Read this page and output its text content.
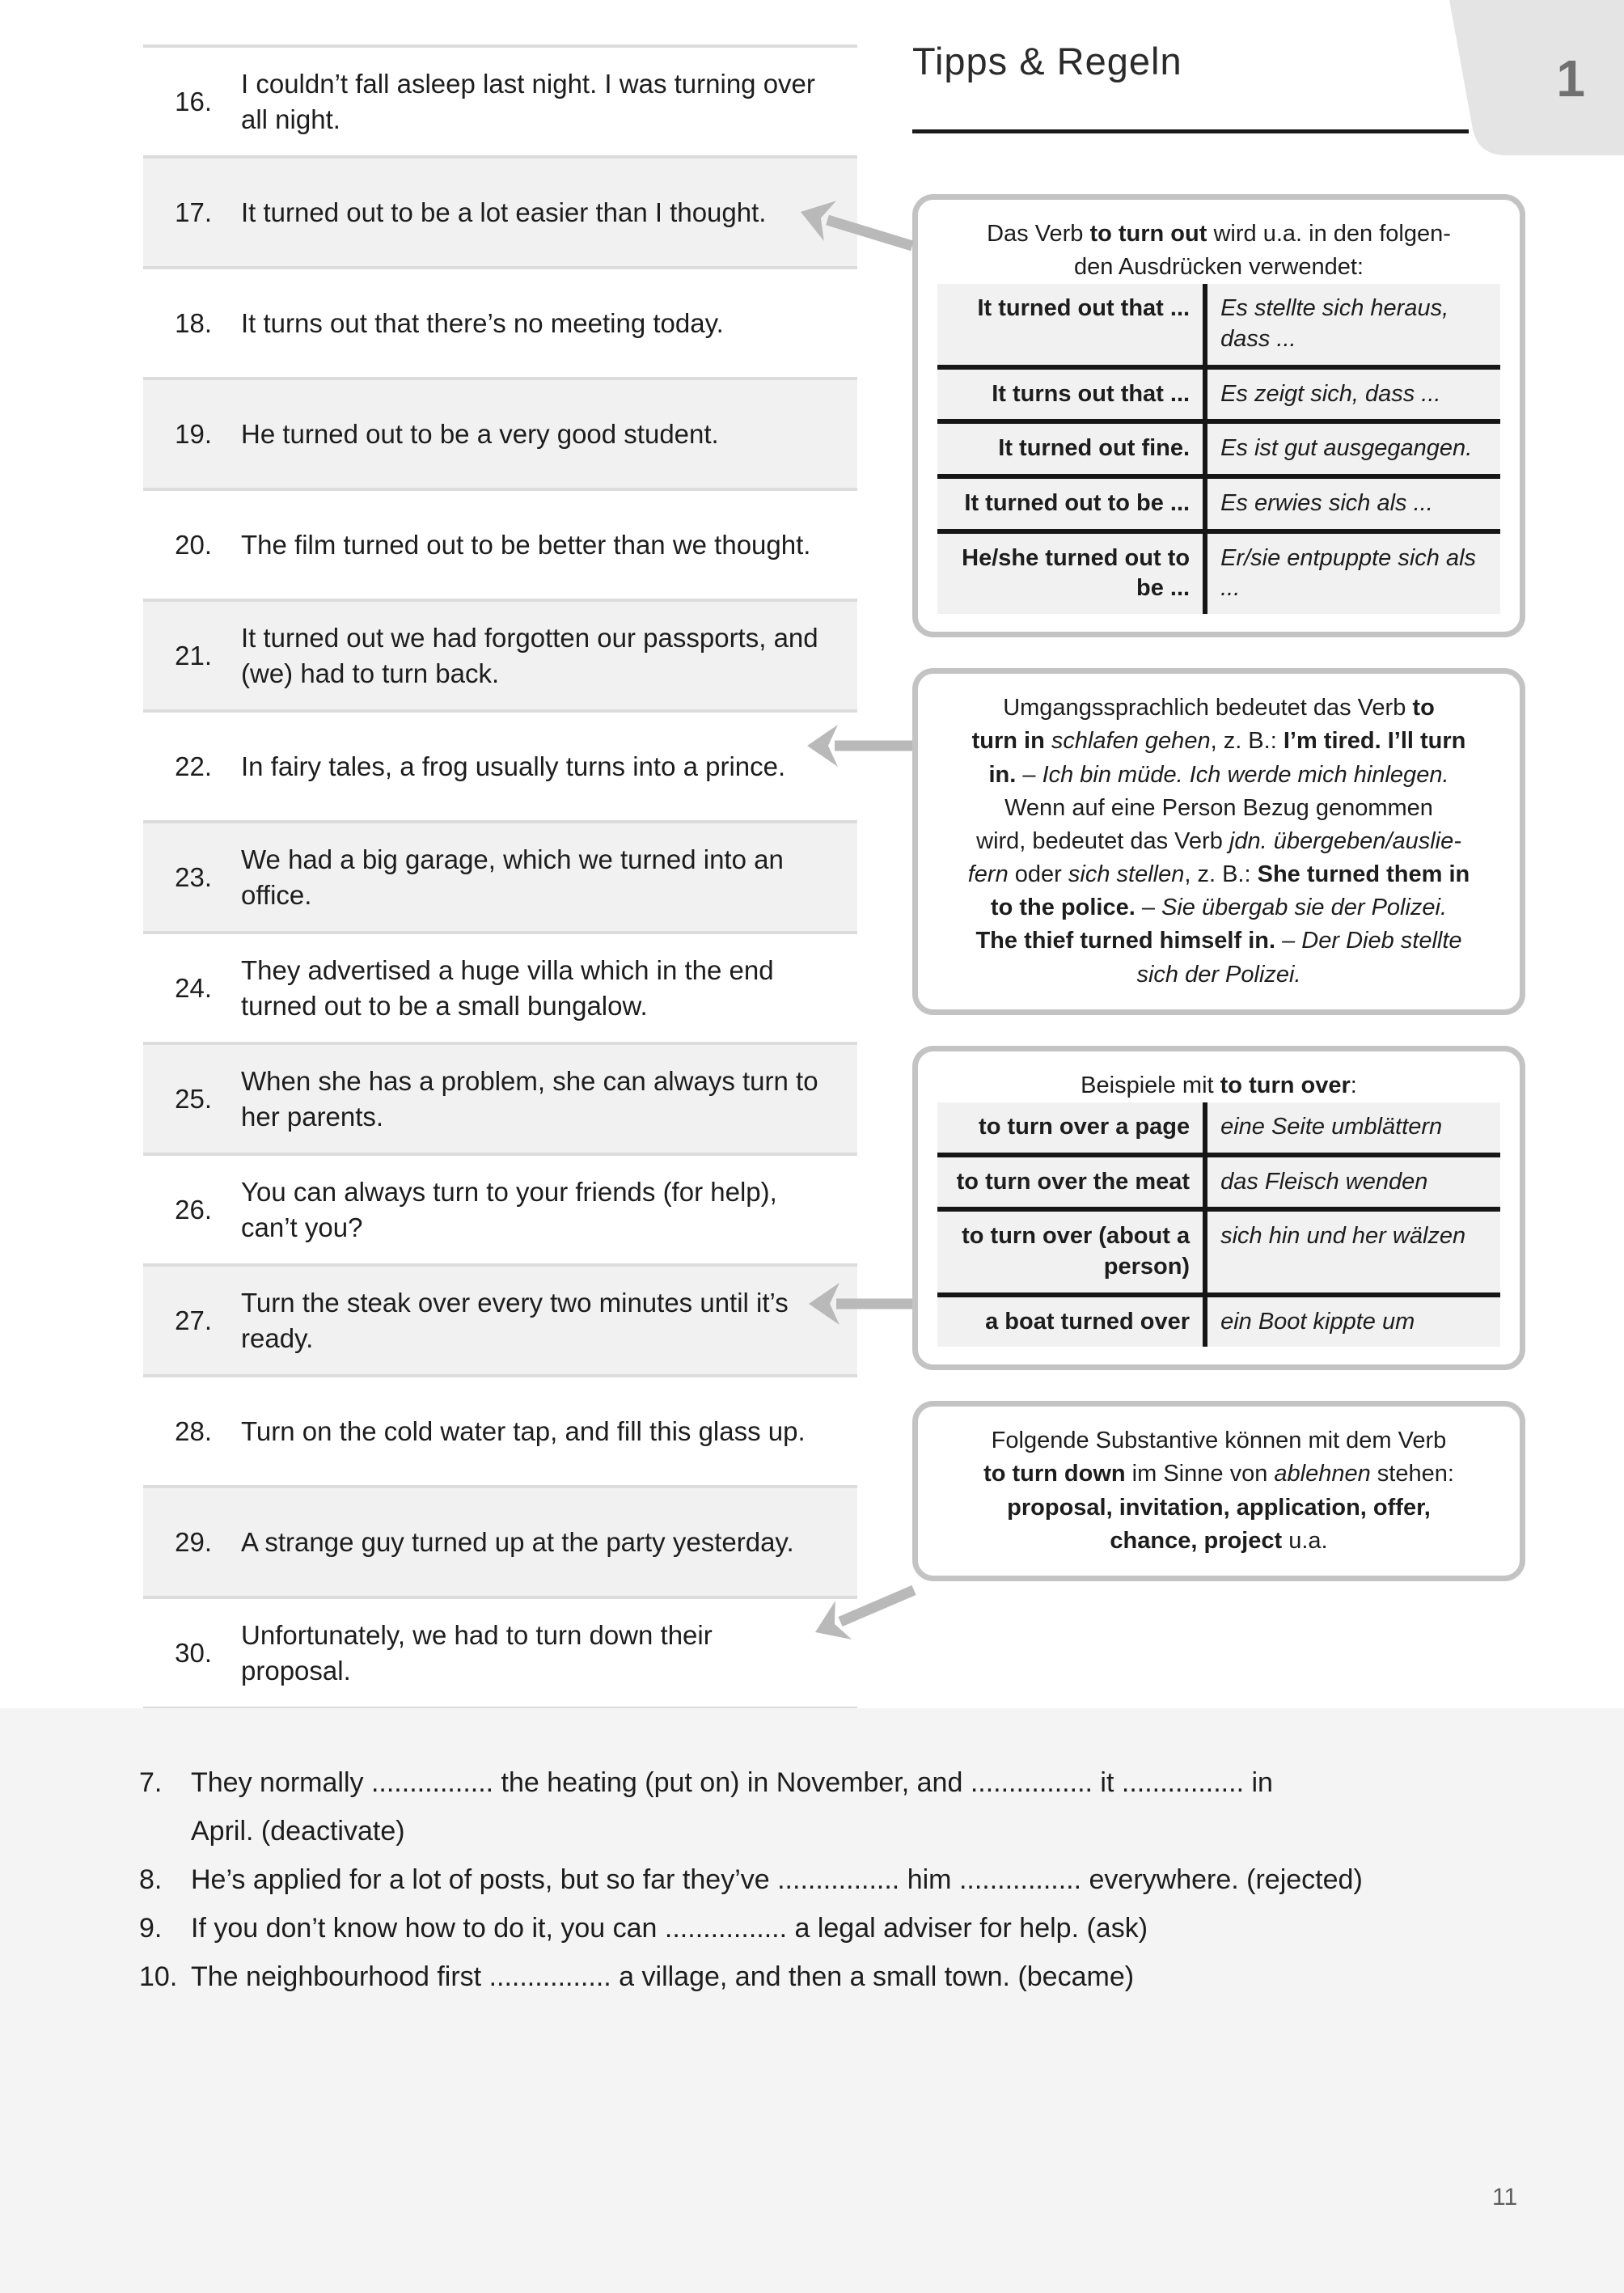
1
Tipps & Regeln
16.
I couldn’t fall asleep last night. I was turning over all night.
17. It turned out to be a lot easier than I thought.
18. It turns out that there’s no meeting today.
19. He turned out to be a very good student.
20. The film turned out to be better than we thought.
21.
It turned out we had forgotten our passports, and (we) had to turn back.
22. In fairy tales, a frog usually turns into a prince.
23.
We had a big garage, which we turned into an office.
24.
They advertised a huge villa which in the end turned out to be a small bungalow.
25.
When she has a problem, she can always turn to her parents.
26.
You can always turn to your friends (for help), can’t you?
27.
Turn the steak over every two minutes until it’s ready.
28. Turn on the cold water tap, and fill this glass up.
29. A strange guy turned up at the party yesterday.
30.
Unfortunately, we had to turn down their proposal.

Das Verb to turn out wird u.a. in den folgen-
den Ausdrücken verwendet:

It turned out that ...	Es stellte sich heraus, dass ...
It turns out that ...	Es zeigt sich, dass ...
It turned out fine.	Es ist gut ausgegangen.
It turned out to be ...	Es erwies sich als ...
He/she turned out to be ...	Er/sie entpuppte sich als ...

Umgangssprachlich bedeutet das Verb to
turn in schlafen gehen, z. B.: I’m tired. I’ll turn
in. – Ich bin müde. Ich werde mich hinlegen.
Wenn auf eine Person Bezug genommen
wird, bedeutet das Verb jdn. übergeben/auslie-
fern oder sich stellen, z. B.: She turned them in
to the police. – Sie übergab sie der Polizei.
The thief turned himself in. – Der Dieb stellte
sich der Polizei.

Beispiele mit to turn over:

to turn over a page	eine Seite umblättern
to turn over the meat	das Fleisch wenden
to turn over (about a person)	sich hin und her wälzen
a boat turned over	ein Boot kippte um

Folgende Substantive können mit dem Verb
to turn down im Sinne von ablehnen stehen:
proposal, invitation, application, offer,
chance, project u.a.

7.	They normally ................ the heating (put on) in November, and ................ it ................ in
April. (deactivate)
8.	He’s applied for a lot of posts, but so far they’ve ................ him ................ everywhere. (rejected)
9.	If you don’t know how to do it, you can ................ a legal adviser for help. (ask)
10. The neighbourhood first ................ a village, and then a small town. (became)
11
